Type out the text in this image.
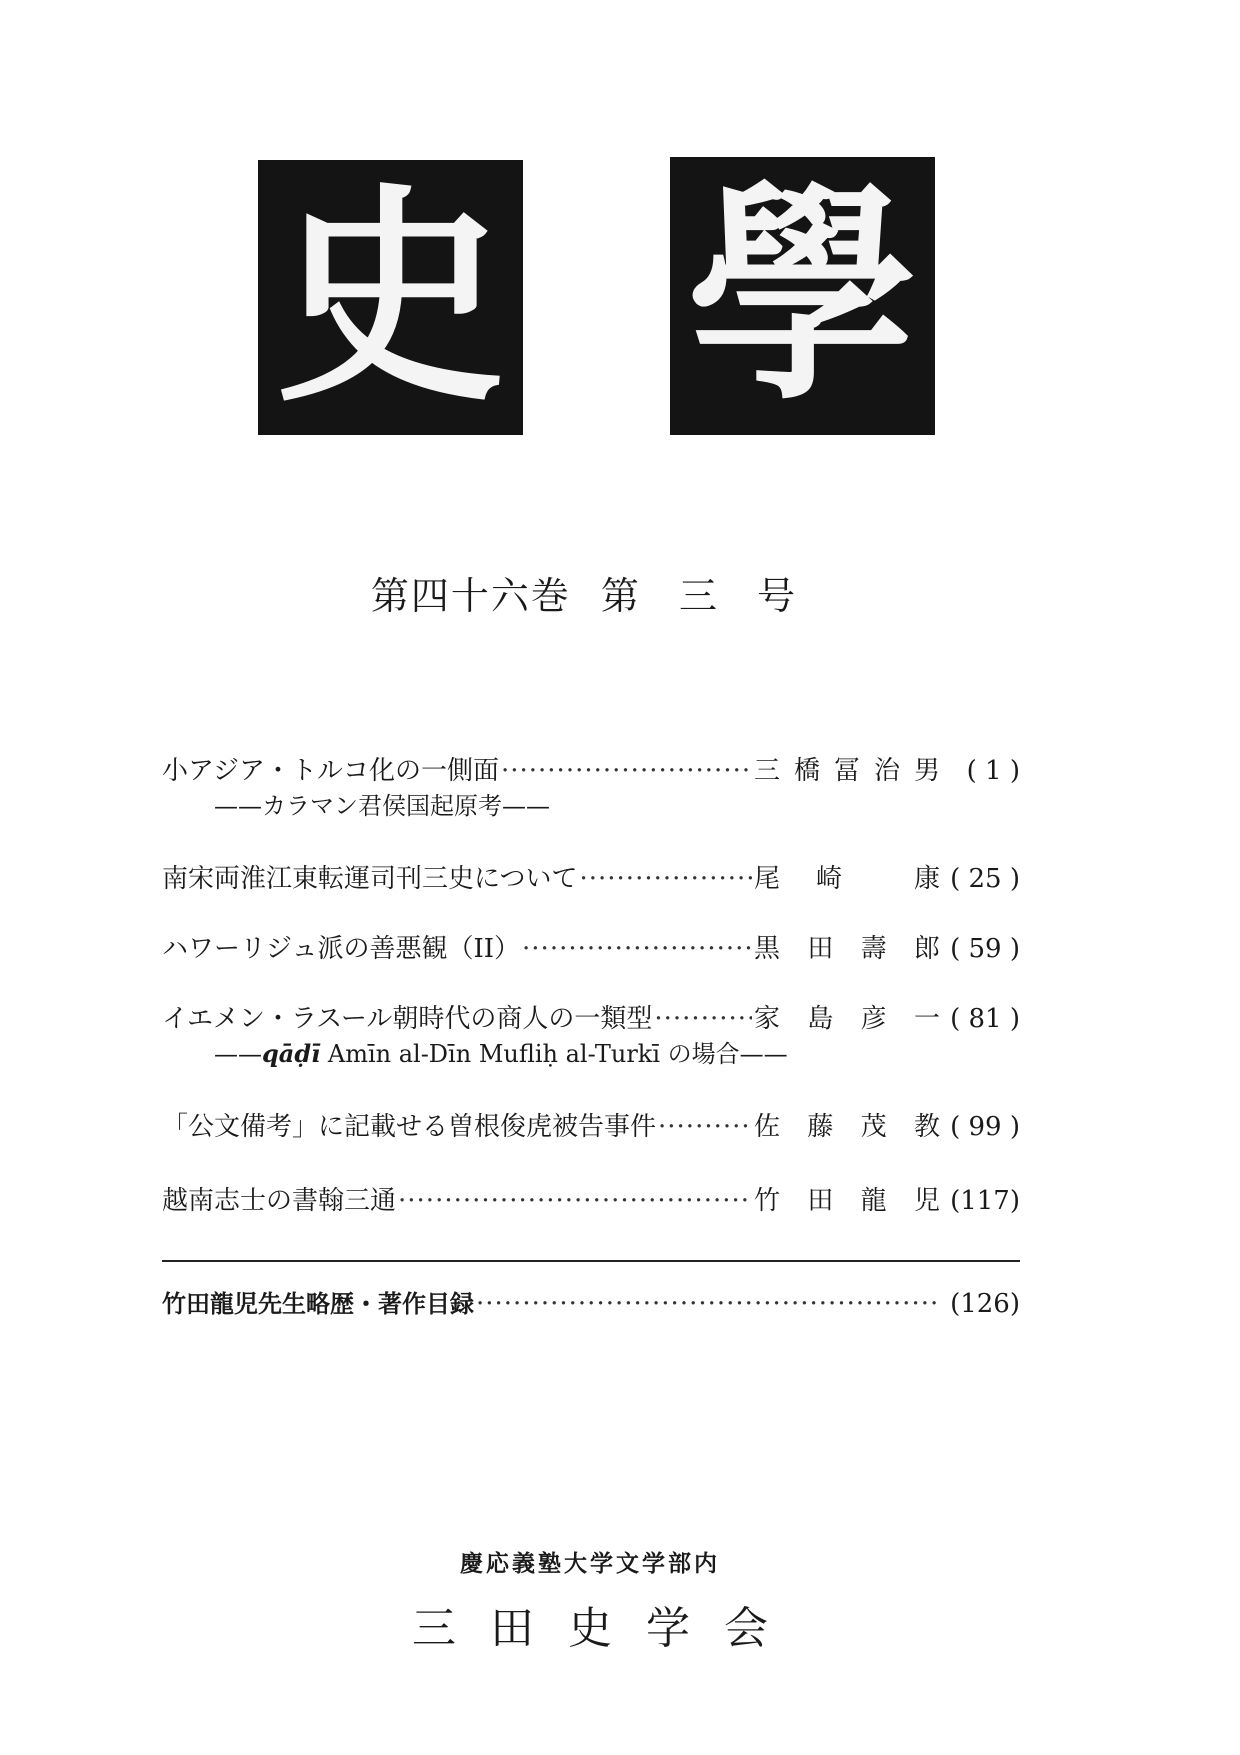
史 學
第四十六巻 第 三 号
小アジア・トルコ化の一側面 ·····	三 橋 冨 治 男	( 1 )
——カラマン君侯国起原考——
南宋両淮江東転運司刊三史について ·····	尾 崎	康 ( 25 )
ハワーリジュ派の善悪観（II） ·····	黒 田 壽 郎 ( 59 )
イエメン・ラスール朝時代の商人の一類型 ·····	家 島 彦 一 ( 81 )
——qāḍī Amīn al-Dīn Mufliḥ al-Turkī の場合——
「公文備考」に記載せる曽根俊虎被告事件 ·····	佐 藤 茂 教 ( 99 )
越南志士の書翰三通 ·····	竹 田 龍 児 (117)
竹田龍児先生略歴・著作目録 ·····	(126)
慶応義塾大学文学部内
三田史学会
